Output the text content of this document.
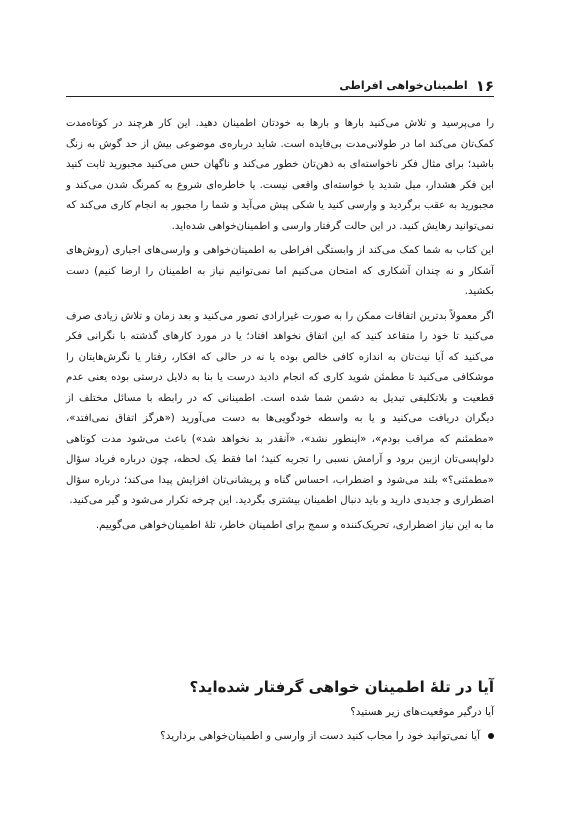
۱۶
اطمینان‌خواهی افراطی

را می‌پرسید و تلاش می‌کنید بارها و بارها به خودتان اطمینان دهید. این کار هرچند در کوتاه‌مدت کمک‌تان می‌کند اما در طولانی‌مدت بی‌فایده است. شاید درباره‌ی موضوعی بیش از حد گوش به زنگ باشید؛ برای مثال فکر ناخواسته‌ای به ذهن‌تان خطور می‌کند و ناگهان حس می‌کنید مجبورید ثابت کنید این فکر هشدار، میل شدید یا خواسته‌ای واقعی نیست. یا خاطره‌ای شروع به کمرنگ شدن می‌کند و مجبورید به عقب برگردید و وارسی کنید یا شکی پیش می‌آید و شما را مجبور به انجام کاری می‌کند که نمی‌توانید رهایش کنید. در این حالت گرفتار وارسی و اطمینان‌خواهی شده‌اید.

این کتاب به شما کمک می‌کند از وابستگی افراطی به اطمینان‌خواهی و وارسی‌های اجباری (روش‌های آشکار و نه چندان آشکاری که امتحان می‌کنیم اما نمی‌توانیم نیاز به اطمینان را ارضا کنیم) دست بکشید.

اگر معمولاً بدترین اتفاقات ممکن را به صورت غیرارادی تصور می‌کنید و بعد زمان و تلاش زیادی صرف می‌کنید تا خود را متقاعد کنید که این اتفاق نخواهد افتاد؛ یا در مورد کارهای گذشته با نگرانی فکر می‌کنید که آیا نیت‌تان به اندازه کافی خالص بوده یا نه در حالی که افکار، رفتار یا نگرش‌هایتان را موشکافی می‌کنید تا مطمئن شوید کاری که انجام دادید درست یا بنا به دلایل درستی بوده یعنی عدم قطعیت و بلاتکلیفی تبدیل به دشمن شما شده است. اطمینانی که در رابطه با مسائل مختلف از دیگران دریافت می‌کنید و یا به واسطه خودگویی‌ها به دست می‌آورید («هرگز اتفاق نمی‌افتد»، «مطمئنم که مراقب بودم»، «اینطور نشد»، «آنقدر بد نخواهد شد») باعث می‌شود مدت کوتاهی دلواپسی‌تان ازبین برود و آرامش نسبی را تجربه کنید؛ اما فقط یک لحظه، چون درباره فریاد سؤال «مطمئنی؟» بلند می‌شود و اضطراب، احساس گناه و پریشانی‌تان افزایش پیدا می‌کند؛ درباره سؤال اضطراری و جدیدی دارید و باید دنبال اطمینان بیشتری بگردید. این چرخه تکرار می‌شود و گیر می‌کنید.

ما به این نیاز اضطراری، تحریک‌کننده و سمج برای اطمینان خاطر، تلهٔ اطمینان‌خواهی می‌گوییم.

آیا در تلهٔ اطمینان خواهی گرفتار شده‌اید؟

آیا درگیر موقعیت‌های زیر هستید؟

آیا نمی‌توانید خود را مجاب کنید دست از وارسی و اطمینان‌خواهی بردارید؟
